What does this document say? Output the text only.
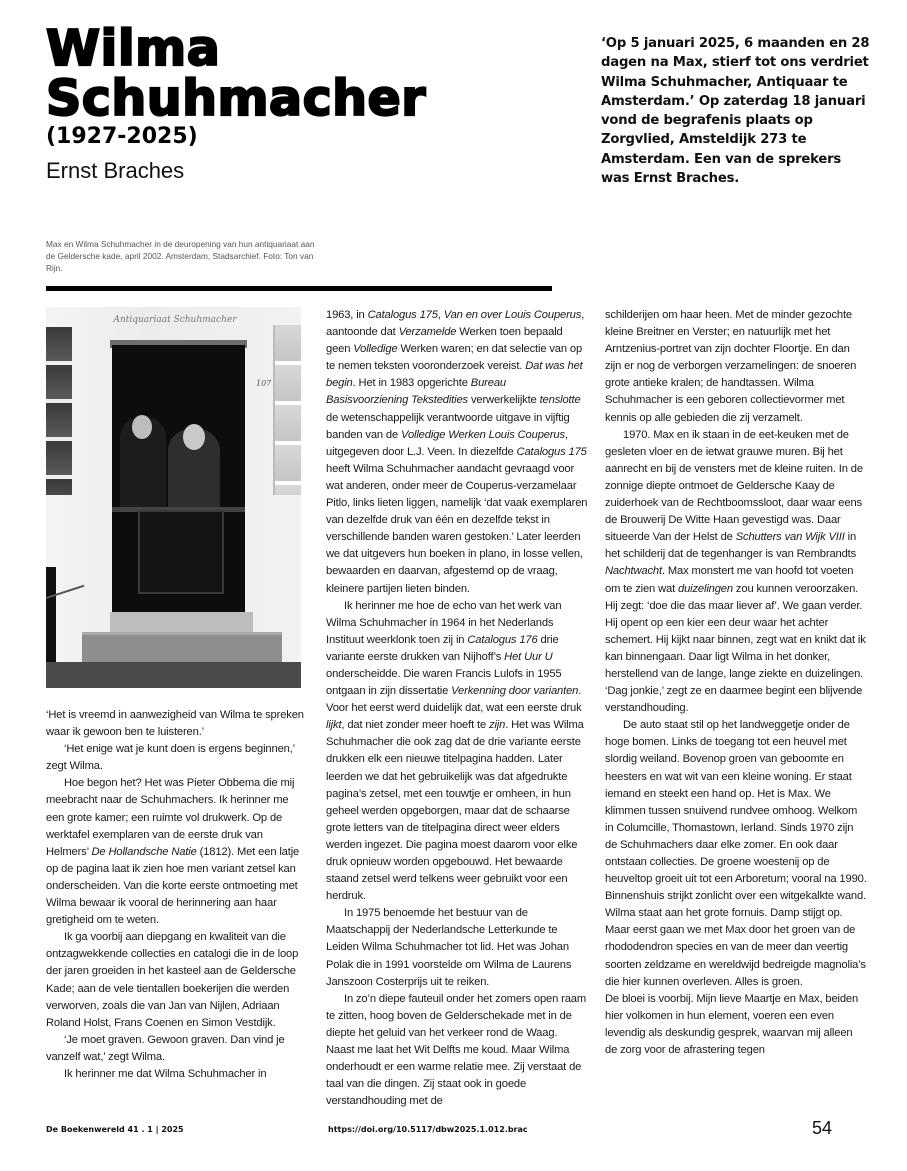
Wilma
Schuhmacher
(1927-2025)
Ernst Braches
Max en Wilma Schuhmacher in de deuropening van hun antiquariaat aan de Geldersche kade, april 2002. Amsterdam, Stadsarchief. Foto: Ton van Rijn.
‘Op 5 januari 2025, 6 maanden en 28 dagen na Max, stierf tot ons verdriet Wilma Schuhmacher, Antiquaar te Amsterdam.’ Op zaterdag 18 januari vond de begrafenis plaats op Zorgvlied, Amsteldijk 273 te Amsterdam. Een van de sprekers was Ernst Braches.
Antiquariaat Schuhmacher
107

‘Het is vreemd in aanwezigheid van Wilma te spreken waar ik gewoon ben te luisteren.’

‘Het enige wat je kunt doen is ergens beginnen,’ zegt Wilma.

Hoe begon het? Het was Pieter Obbema die mij meebracht naar de Schuhmachers. Ik herinner me een grote kamer; een ruimte vol drukwerk. Op de werktafel exemplaren van de eerste druk van Helmers’ De Hollandsche Natie (1812). Met een latje op de pagina laat ik zien hoe men variant zetsel kan onderscheiden. Van die korte eerste ontmoeting met Wilma bewaar ik vooral de herinnering aan haar gretigheid om te weten.

Ik ga voorbij aan diepgang en kwaliteit van die ontzagwekkende collecties en catalogi die in de loop der jaren groeiden in het kasteel aan de Geldersche Kade; aan de vele tientallen boekerijen die werden verworven, zoals die van Jan van Nijlen, Adriaan Roland Holst, Frans Coenen en Simon Vestdijk.

‘Je moet graven. Gewoon graven. Dan vind je vanzelf wat,’ zegt Wilma.

Ik herinner me dat Wilma Schuhmacher in

1963, in Catalogus 175, Van en over Louis Couperus, aantoonde dat Verzamelde Werken toen bepaald geen Volledige Werken waren; en dat selectie van op te nemen teksten vooronderzoek vereist. Dat was het begin. Het in 1983 opgerichte Bureau Basisvoorziening Tekstedities verwerkelijkte tenslotte de wetenschappelijk verantwoorde uitgave in vijftig banden van de Volledige Werken Louis Couperus, uitgegeven door L.J. Veen. In diezelfde Catalogus 175 heeft Wilma Schuhmacher aandacht gevraagd voor wat anderen, onder meer de Couperus-verzamelaar Pitlo, links lieten liggen, namelijk ‘dat vaak exemplaren van dezelfde druk van één en dezelfde tekst in verschillende banden waren gestoken.’ Later leerden we dat uitgevers hun boeken in plano, in losse vellen, bewaarden en daarvan, afgestemd op de vraag, kleinere partijen lieten binden.

Ik herinner me hoe de echo van het werk van Wilma Schuhmacher in 1964 in het Nederlands Instituut weerklonk toen zij in Catalogus 176 drie variante eerste drukken van Nijhoff’s Het Uur U onderscheidde. Die waren Francis Lulofs in 1955 ontgaan in zijn dissertatie Verkenning door varianten. Voor het eerst werd duidelijk dat, wat een eerste druk lijkt, dat niet zonder meer hoeft te zijn. Het was Wilma Schuhmacher die ook zag dat de drie variante eerste drukken elk een nieuwe titelpagina hadden. Later leerden we dat het gebruikelijk was dat afgedrukte pagina’s zetsel, met een touwtje er omheen, in hun geheel werden opgeborgen, maar dat de schaarse grote letters van de titelpagina direct weer elders werden ingezet. Die pagina moest daarom voor elke druk opnieuw worden opgebouwd. Het bewaarde staand zetsel werd telkens weer gebruikt voor een herdruk.

In 1975 benoemde het bestuur van de Maatschappij der Nederlandsche Letterkunde te Leiden Wilma Schuhmacher tot lid. Het was Johan Polak die in 1991 voorstelde om Wilma de Laurens Janszoon Costerprijs uit te reiken.

In zo’n diepe fauteuil onder het zomers open raam te zitten, hoog boven de Gelderschekade met in de diepte het geluid van het verkeer rond de Waag. Naast me laat het Wit Delfts me koud. Maar Wilma onderhoudt er een warme relatie mee. Zij verstaat de taal van die dingen. Zij staat ook in goede verstandhouding met de

schilderijen om haar heen. Met de minder gezochte kleine Breitner en Verster; en natuurlijk met het Arntzenius-portret van zijn dochter Floortje. En dan zijn er nog de verborgen verzamelingen: de snoeren grote antieke kralen; de handtassen. Wilma Schuhmacher is een geboren collectievormer met kennis op alle gebieden die zij verzamelt.

1970. Max en ik staan in de eet-keuken met de gesleten vloer en de ietwat grauwe muren. Bij het aanrecht en bij de vensters met de kleine ruiten. In de zonnige diepte ontmoet de Geldersche Kaay de zuiderhoek van de Rechtboomssloot, daar waar eens de Brouwerij De Witte Haan gevestigd was. Daar situeerde Van der Helst de Schutters van Wijk VIII in het schilderij dat de tegenhanger is van Rembrandts Nachtwacht. Max monstert me van hoofd tot voeten om te zien wat duizelingen zou kunnen veroorzaken. Hij zegt: ‘doe die das maar liever af’. We gaan verder. Hij opent op een kier een deur waar het achter schemert. Hij kijkt naar binnen, zegt wat en knikt dat ik kan binnengaan. Daar ligt Wilma in het donker, herstellend van de lange, lange ziekte en duizelingen. ‘Dag jonkie,’ zegt ze en daarmee begint een blijvende verstandhouding.

De auto staat stil op het landweggetje onder de hoge bomen. Links de toegang tot een heuvel met slordig weiland. Bovenop groen van geboomte en heesters en wat wit van een kleine woning. Er staat iemand en steekt een hand op. Het is Max. We klimmen tussen snuivend rundvee omhoog. Welkom in Columcille, Thomastown, Ierland. Sinds 1970 zijn de Schuhmachers daar elke zomer. En ook daar ontstaan collecties. De groene woestenij op de heuveltop groeit uit tot een Arboretum; vooral na 1990. Binnenshuis strijkt zonlicht over een witgekalkte wand. Wilma staat aan het grote fornuis. Damp stijgt op. Maar eerst gaan we met Max door het groen van de rhododendron species en van de meer dan veertig soorten zeldzame en wereldwijd bedreigde magnolia’s die hier kunnen overleven. Alles is groen.

De bloei is voorbij. Mijn lieve Maartje en Max, beiden hier volkomen in hun element, voeren een even levendig als deskundig gesprek, waarvan mij alleen de zorg voor de afrastering tegen

De Boekenwereld 41 . 1 | 2025	https://doi.org/10.5117/dbw2025.1.012.brac	54
